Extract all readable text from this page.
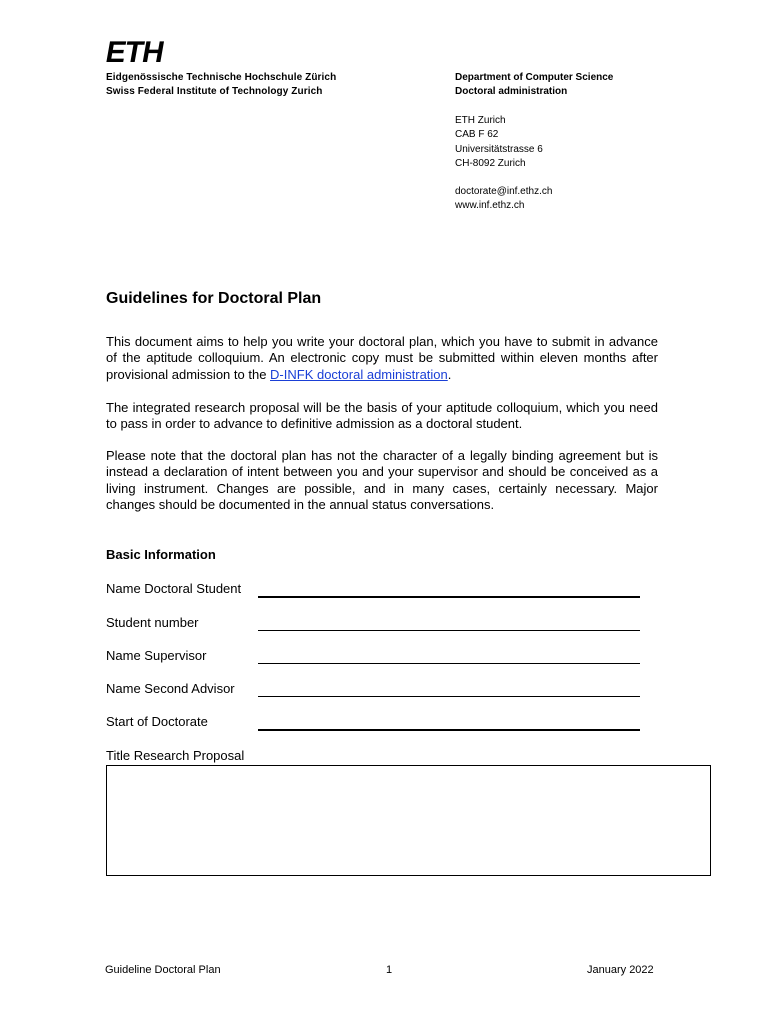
ETH
Eidgenössische Technische Hochschule Zürich
Swiss Federal Institute of Technology Zurich
Department of Computer Science
Doctoral administration
ETH Zurich
CAB F 62
Universitätstrasse 6
CH-8092 Zurich
doctorate@inf.ethz.ch
www.inf.ethz.ch
Guidelines for Doctoral Plan
This document aims to help you write your doctoral plan, which you have to submit in advance of the aptitude colloquium. An electronic copy must be submitted within eleven months after provisional admission to the D-INFK doctoral administration.
The integrated research proposal will be the basis of your aptitude colloquium, which you need to pass in order to advance to definitive admission as a doctoral student.
Please note that the doctoral plan has not the character of a legally binding agreement but is instead a declaration of intent between you and your supervisor and should be conceived as a living instrument. Changes are possible, and in many cases, certainly necessary. Major changes should be documented in the annual status conversations.
Basic Information
Name Doctoral Student
Student number
Name Supervisor
Name Second Advisor
Start of Doctorate
Title Research Proposal
Guideline Doctoral Plan	1	January 2022
